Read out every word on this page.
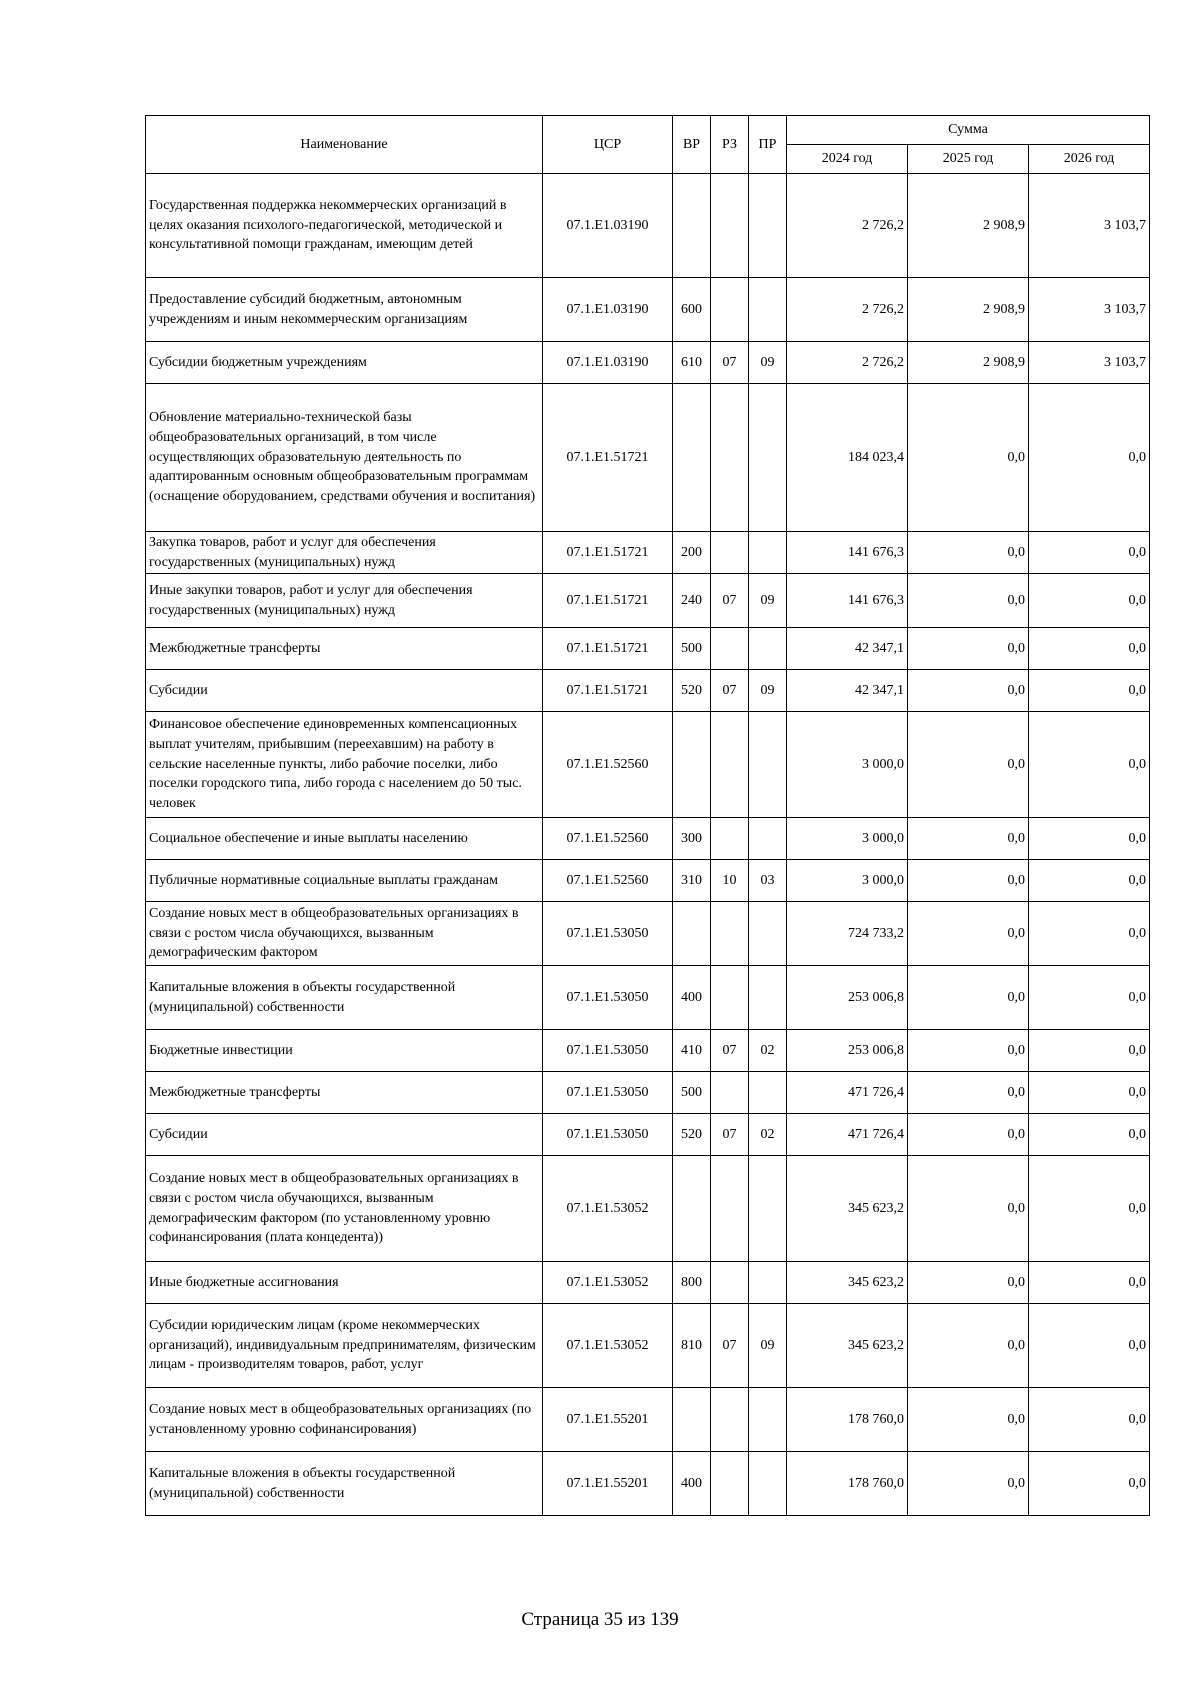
Наименование	ЦСР	ВР	РЗ	ПР	Сумма		
					2024 год	2025 год	2026 год
Государственная поддержка некоммерческих организаций в целях оказания психолого-педагогической, методической и консультативной помощи гражданам, имеющим детей	07.1.E1.03190				2 726,2	2 908,9	3 103,7
Предоставление субсидий бюджетным, автономным учреждениям и иным некоммерческим организациям	07.1.E1.03190	600			2 726,2	2 908,9	3 103,7
Субсидии бюджетным учреждениям	07.1.E1.03190	610	07	09	2 726,2	2 908,9	3 103,7
Обновление материально-технической базы общеобразовательных организаций, в том числе осуществляющих образовательную деятельность по адаптированным основным общеобразовательным программам (оснащение оборудованием, средствами обучения и воспитания)	07.1.E1.51721				184 023,4	0,0	0,0
Закупка товаров, работ и услуг для обеспечения государственных (муниципальных) нужд	07.1.E1.51721	200			141 676,3	0,0	0,0
Иные закупки товаров, работ и услуг для обеспечения государственных (муниципальных) нужд	07.1.E1.51721	240	07	09	141 676,3	0,0	0,0
Межбюджетные трансферты	07.1.E1.51721	500			42 347,1	0,0	0,0
Субсидии	07.1.E1.51721	520	07	09	42 347,1	0,0	0,0
Финансовое обеспечение единовременных компенсационных выплат учителям, прибывшим (переехавшим) на работу в сельские населенные пункты, либо рабочие поселки, либо поселки городского типа, либо города с населением до 50 тыс. человек	07.1.E1.52560				3 000,0	0,0	0,0
Социальное обеспечение и иные выплаты населению	07.1.E1.52560	300			3 000,0	0,0	0,0
Публичные нормативные социальные выплаты гражданам	07.1.E1.52560	310	10	03	3 000,0	0,0	0,0
Создание новых мест в общеобразовательных организациях в связи с ростом числа обучающихся, вызванным демографическим фактором	07.1.E1.53050				724 733,2	0,0	0,0
Капитальные вложения в объекты государственной (муниципальной) собственности	07.1.E1.53050	400			253 006,8	0,0	0,0
Бюджетные инвестиции	07.1.E1.53050	410	07	02	253 006,8	0,0	0,0
Межбюджетные трансферты	07.1.E1.53050	500			471 726,4	0,0	0,0
Субсидии	07.1.E1.53050	520	07	02	471 726,4	0,0	0,0
Создание новых мест в общеобразовательных организациях в связи с ростом числа обучающихся, вызванным демографическим фактором (по установленному уровню софинансирования (плата концедента))	07.1.E1.53052				345 623,2	0,0	0,0
Иные бюджетные ассигнования	07.1.E1.53052	800			345 623,2	0,0	0,0
Субсидии юридическим лицам (кроме некоммерческих организаций), индивидуальным предпринимателям, физическим лицам - производителям товаров, работ, услуг	07.1.E1.53052	810	07	09	345 623,2	0,0	0,0
Создание новых мест в общеобразовательных организациях (по установленному уровню софинансирования)	07.1.E1.55201				178 760,0	0,0	0,0
Капитальные вложения в объекты государственной (муниципальной) собственности	07.1.E1.55201	400			178 760,0	0,0	0,0
Страница 35 из 139
